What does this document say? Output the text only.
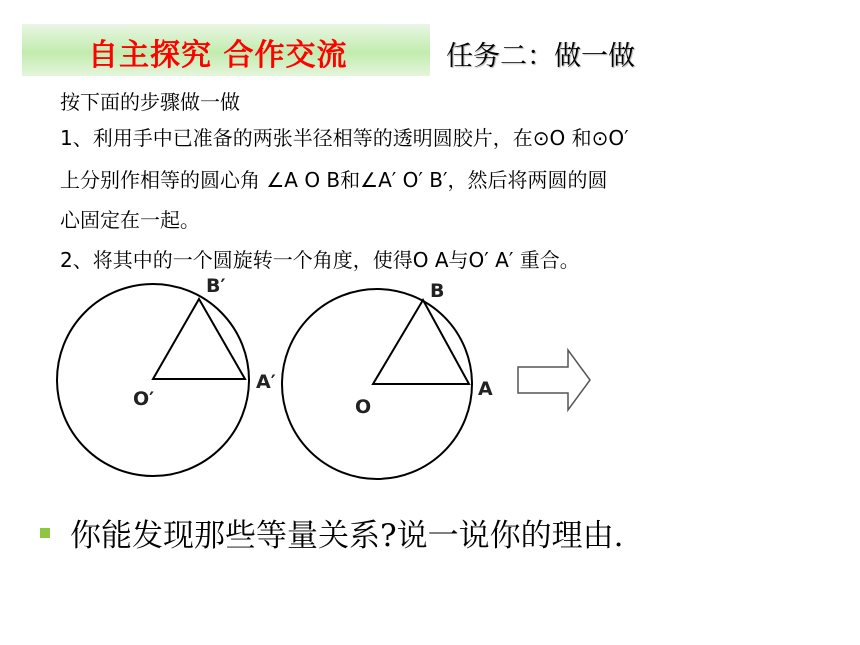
自主探究 合作交流	任务二：做一做
按下面的步骤做一做
1、利用手中已准备的两张半径相等的透明圆胶片，在⊙O 和⊙O′
上分别作相等的圆心角 ∠A O B和∠A′ O′ B′，然后将两圆的圆
心固定在一起。
2、将其中的一个圆旋转一个角度，使得O A与O′ A′ 重合。
B′
A′
O′
B
A
O
你能发现那些等量关系?说一说你的理由.
